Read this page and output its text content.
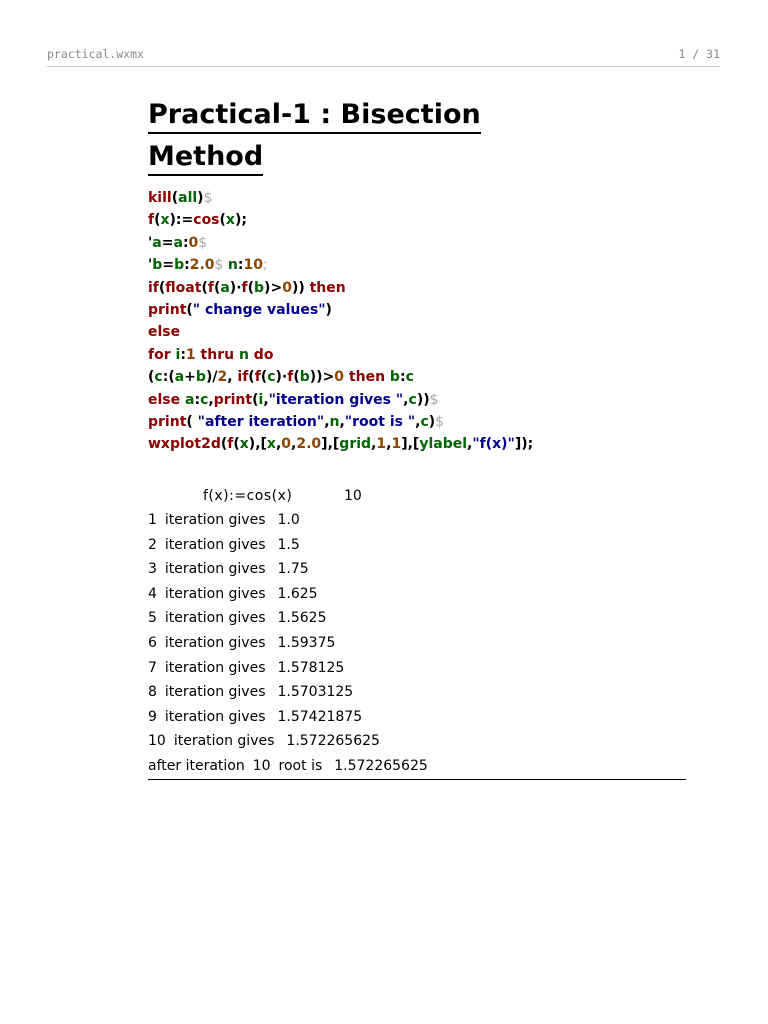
practical.wxmx	1 / 31
Practical-1 : Bisection
Method
kill(all)$
f(x):=cos(x);
'a=a:0$
'b=b:2.0$ n:10;
if(float(f(a)·f(b)>0)) then
print(" change values")
else
for i:1 thru n do
(c:(a+b)/2, if(f(c)·f(b))>0 then b:c
else a:c,print(i,"iteration gives ",c))$
print( "after iteration",n,"root is ",c)$
wxplot2d(f(x),[x,0,2.0],[grid,1,1],[ylabel,"f(x)"]);
f(x):=cos(x)	10
1 iteration gives 1.0
2 iteration gives 1.5
3 iteration gives 1.75
4 iteration gives 1.625
5 iteration gives 1.5625
6 iteration gives 1.59375
7 iteration gives 1.578125
8 iteration gives 1.5703125
9 iteration gives 1.57421875
10 iteration gives 1.572265625
after iteration 10 root is 1.572265625
